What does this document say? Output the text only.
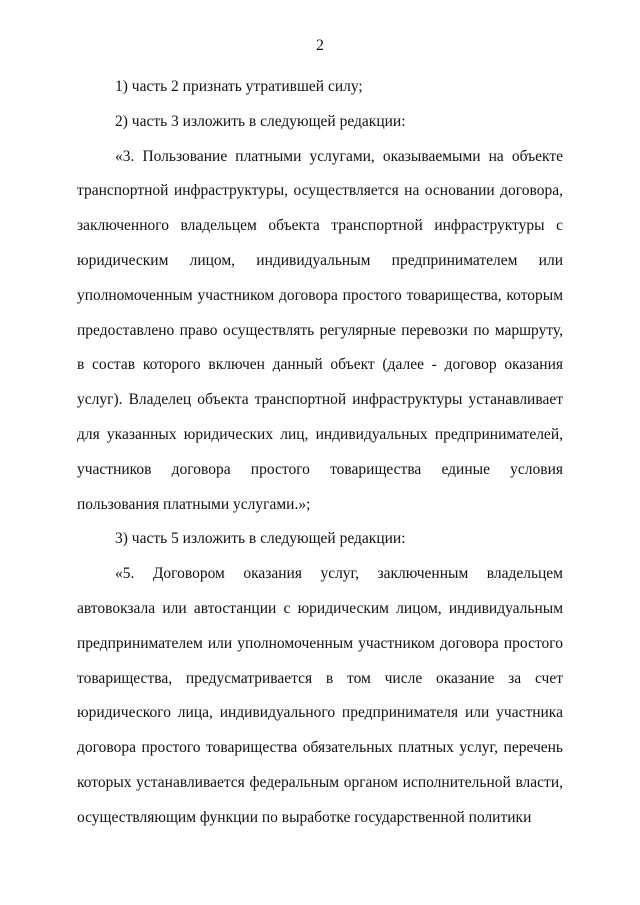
2

1) часть 2 признать утратившей силу;

2) часть 3 изложить в следующей редакции:

«3. Пользование платными услугами, оказываемыми на объекте транспортной инфраструктуры, осуществляется на основании договора, заключенного владельцем объекта транспортной инфраструктуры с юридическим лицом, индивидуальным предпринимателем или уполномоченным участником договора простого товарищества, которым предоставлено право осуществлять регулярные перевозки по маршруту, в состав которого включен данный объект (далее - договор оказания услуг). Владелец объекта транспортной инфраструктуры устанавливает для указанных юридических лиц, индивидуальных предпринимателей, участников договора простого товарищества единые условия пользования платными услугами.»;

3) часть 5 изложить в следующей редакции:

«5. Договором оказания услуг, заключенным владельцем автовокзала или автостанции с юридическим лицом, индивидуальным предпринимателем или уполномоченным участником договора простого товарищества, предусматривается в том числе оказание за счет юридического лица, индивидуального предпринимателя или участника договора простого товарищества обязательных платных услуг, перечень которых устанавливается федеральным органом исполнительной власти, осуществляющим функции по выработке государственной политики
